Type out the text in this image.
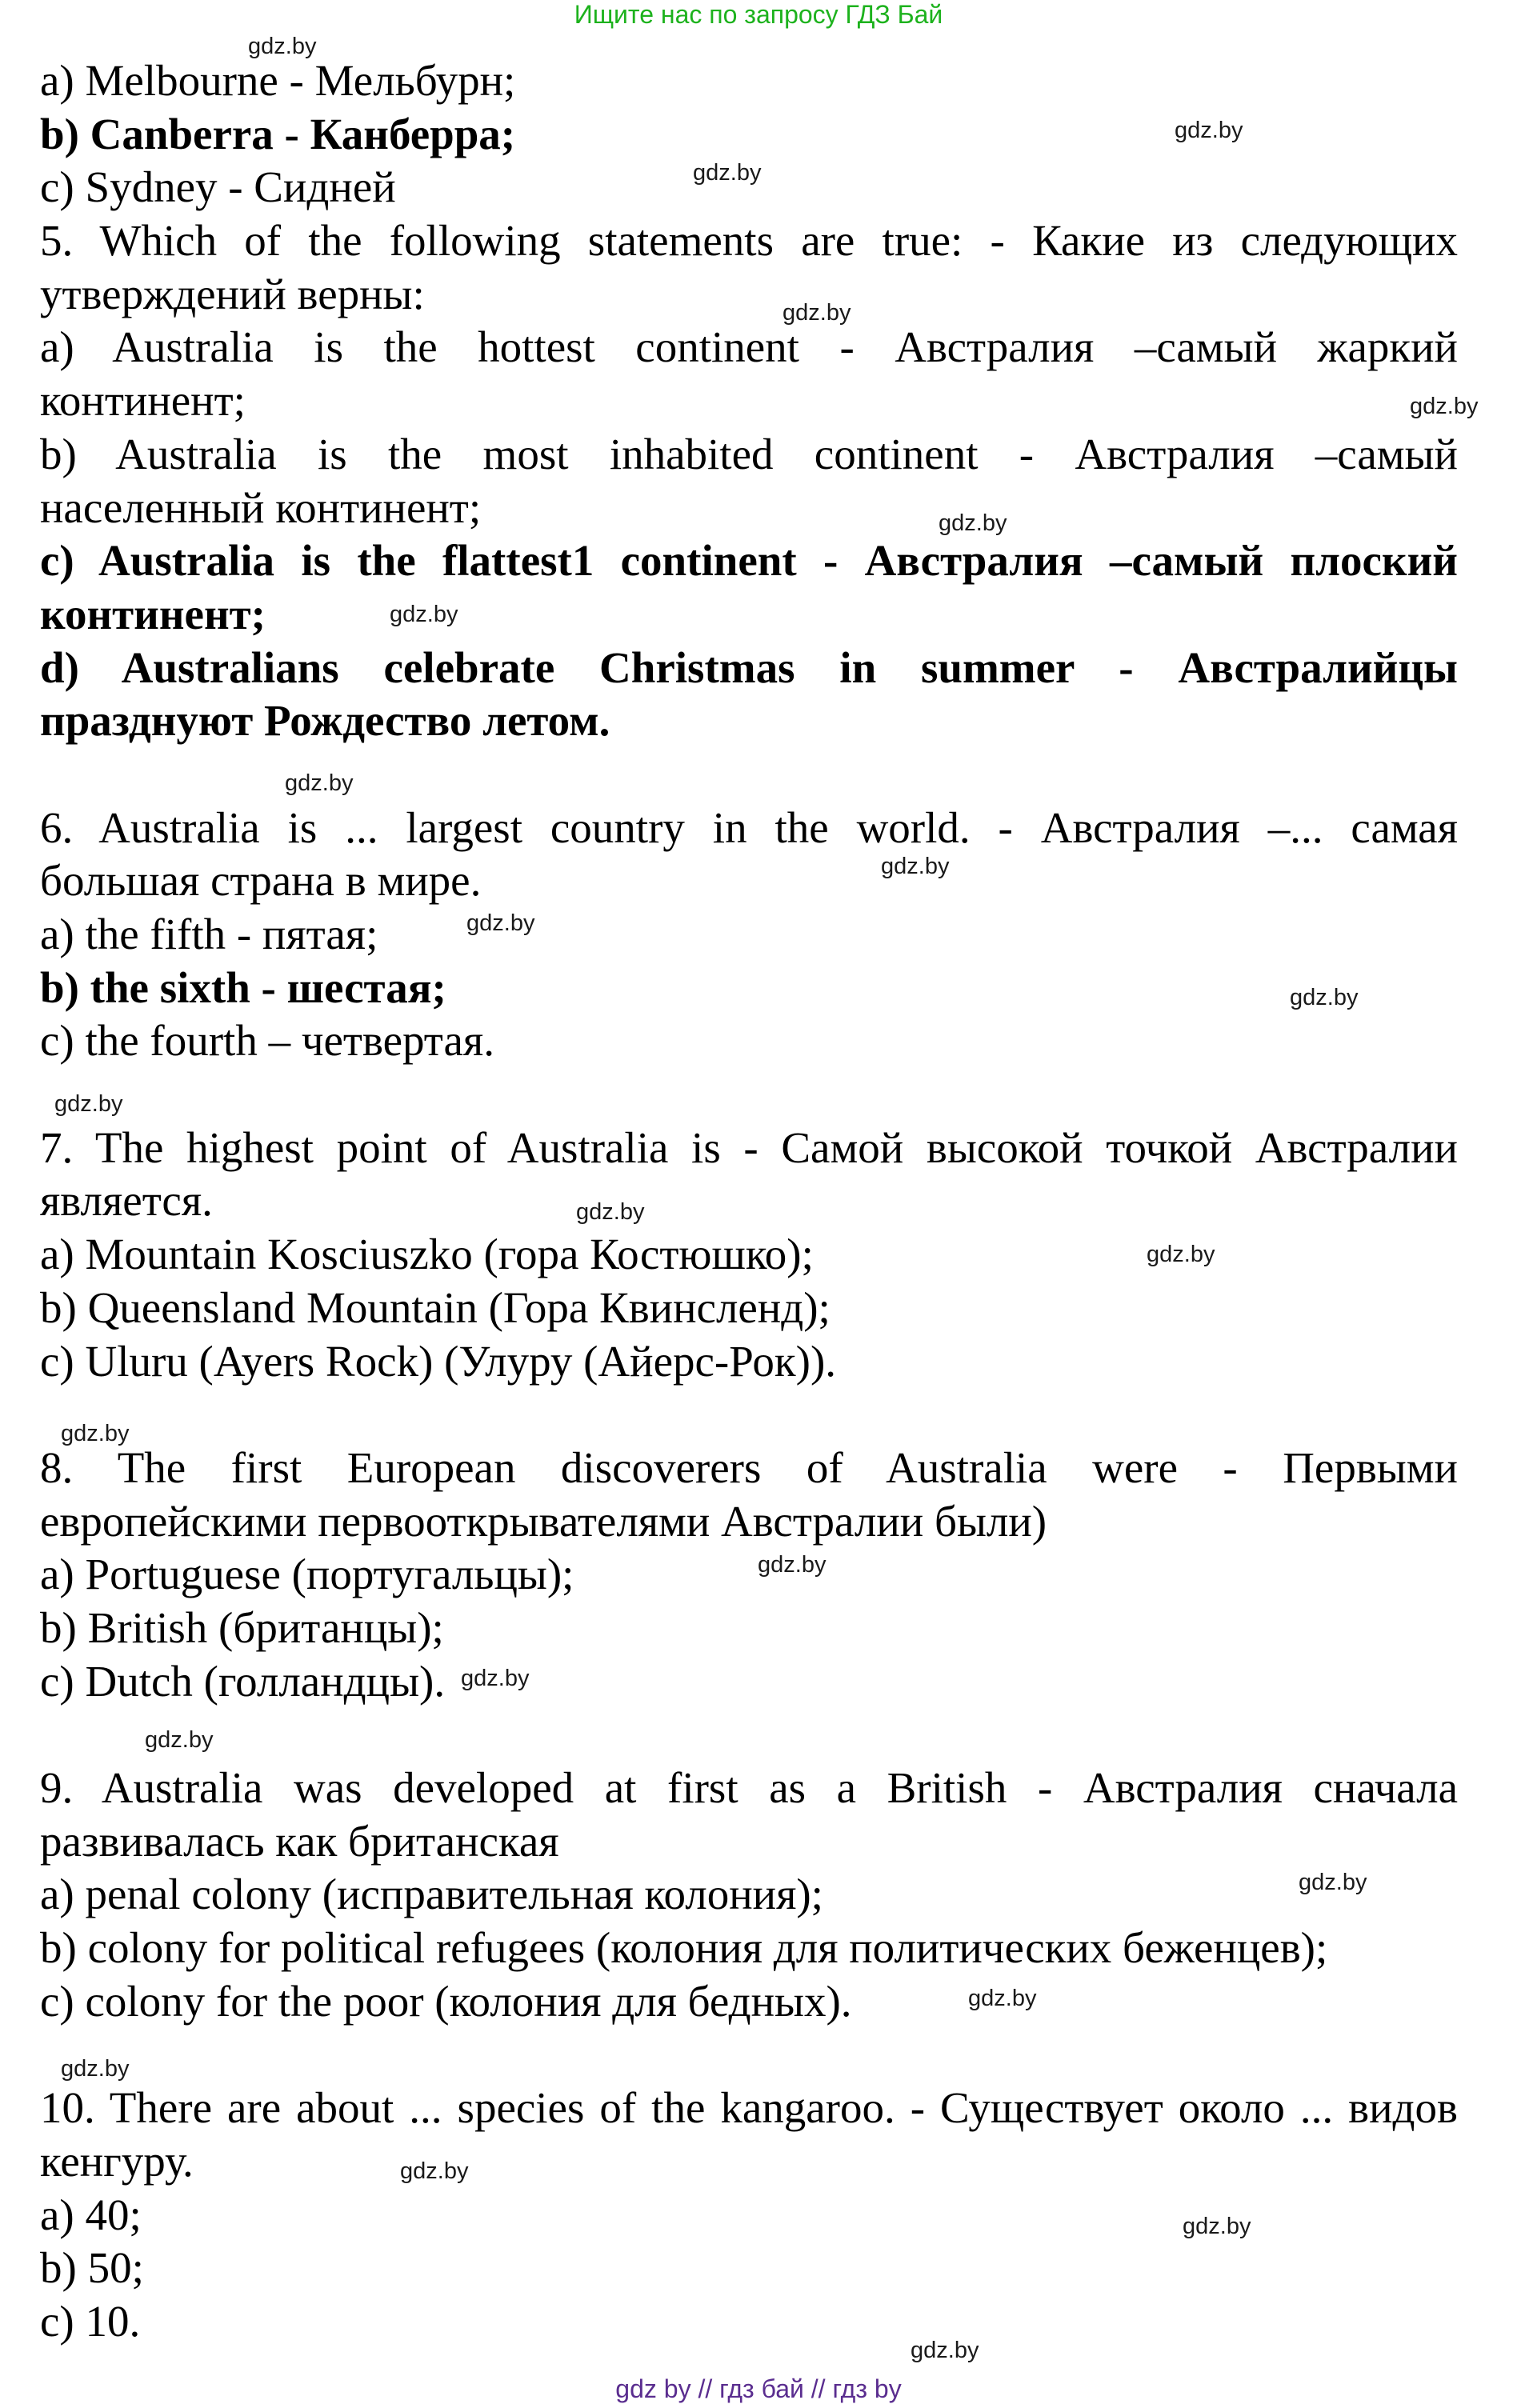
Ищите нас по запросу ГДЗ Бай
a) Melbourne - Мельбурн;
b) Canberra - Канберра;
c) Sydney - Сидней
5. Which of the following statements are true: - Какие из следующих
утверждений верны:
a) Australia is the hottest continent - Австралия –самый жаркий
континент;
b) Australia is the most inhabited continent - Австралия –самый
населенный континент;
c) Australia is the flattest1 continent - Австралия –самый плоский
континент;
d) Australians celebrate Christmas in summer - Австралийцы
празднуют Рождество летом.
6. Australia is ... largest country in the world. - Австралия –... самая
большая страна в мире.
a) the fifth - пятая;
b) the sixth - шестая;
c) the fourth – четвертая.
7. The highest point of Australia is - Самой высокой точкой Австралии
является.
a) Mountain Kosciuszko (гора Костюшко);
b) Queensland Mountain (Гора Квинсленд);
c) Uluru (Ayers Rock) (Улуру (Айерс-Рок)).
8. The first European discoverers of Australia were - Первыми
европейскими первооткрывателями Австралии были)
a) Portuguese (португальцы);
b) British (британцы);
c) Dutch (голландцы).
9. Australia was developed at first as a British - Австралия сначала
развивалась как британская
a) penal colony (исправительная колония);
b) colony for political refugees (колония для политических беженцев);
c) colony for the poor (колония для бедных).
10. There are about ... species of the kangaroo. - Существует около ... видов
кенгуру.
a) 40;
b) 50;
c) 10.
gdz.by
gdz.by
gdz.by
gdz.by
gdz.by
gdz.by
gdz.by
gdz.by
gdz.by
gdz.by
gdz.by
gdz.by
gdz.by
gdz.by
gdz.by
gdz.by
gdz.by
gdz.by
gdz.by
gdz.by
gdz.by
gdz.by
gdz.by
gdz.by
gdz by // гдз бай // гдз by
